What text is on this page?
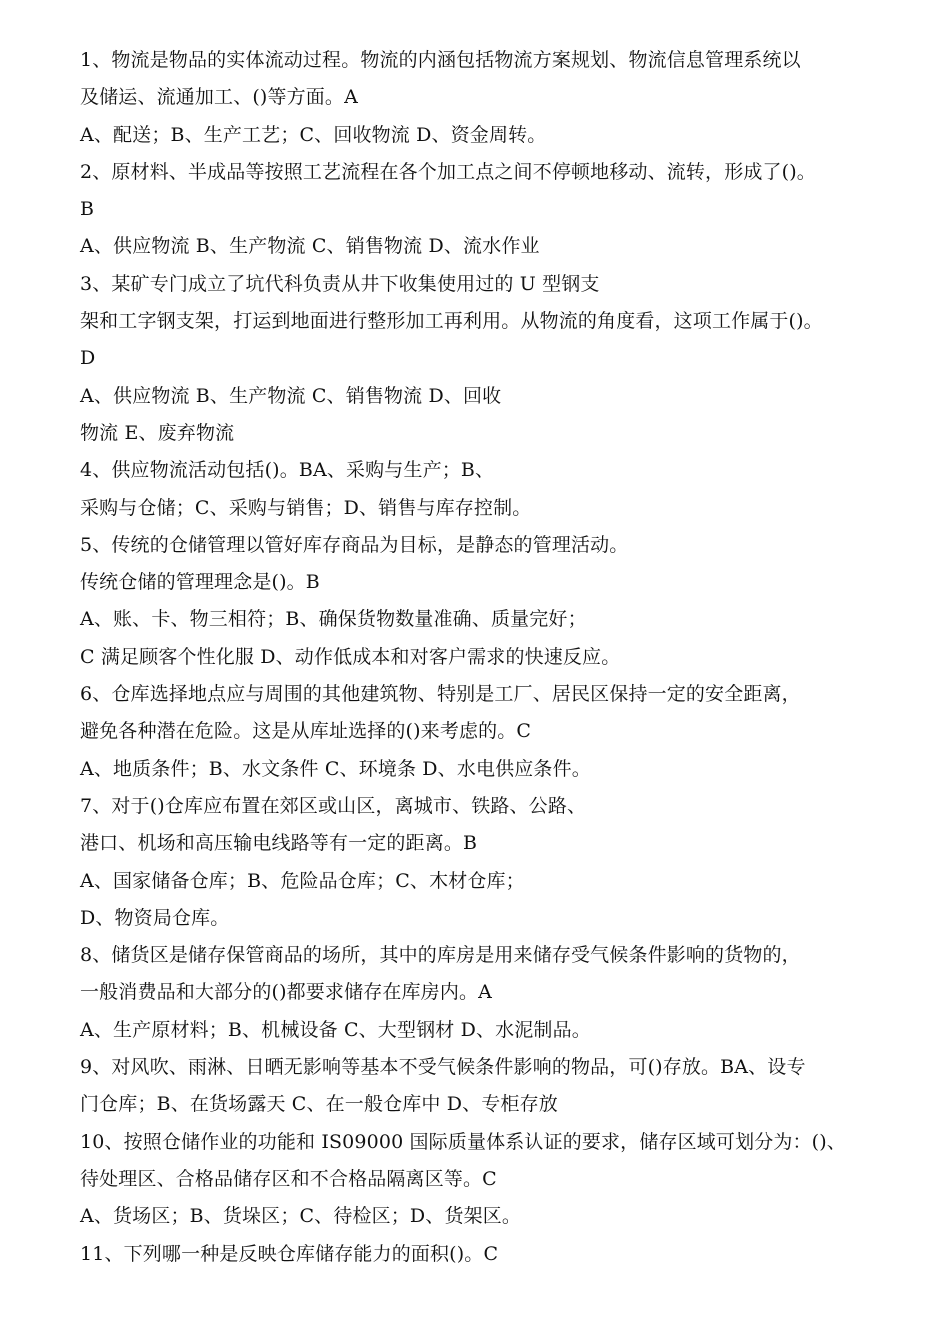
1、物流是物品的实体流动过程。物流的内涵包括物流方案规划、物流信息管理系统以
及储运、流通加工、()等方面。A
A、配送；B、生产工艺；C、回收物流 D、资金周转。
2、原材料、半成品等按照工艺流程在各个加工点之间不停顿地移动、流转，形成了()。
B
A、供应物流 B、生产物流 C、销售物流 D、流水作业
3、某矿专门成立了坑代科负责从井下收集使用过的 U 型钢支
架和工字钢支架，打运到地面进行整形加工再利用。从物流的角度看，这项工作属于()。
D
A、供应物流 B、生产物流 C、销售物流 D、回收
物流 E、废弃物流
4、供应物流活动包括()。BA、采购与生产；B、
采购与仓储；C、采购与销售；D、销售与库存控制。
5、传统的仓储管理以管好库存商品为目标，是静态的管理活动。
传统仓储的管理理念是()。B
A、账、卡、物三相符；B、确保货物数量准确、质量完好；
C 满足顾客个性化服 D、动作低成本和对客户需求的快速反应。
6、仓库选择地点应与周围的其他建筑物、特别是工厂、居民区保持一定的安全距离，
避免各种潜在危险。这是从库址选择的()来考虑的。C
A、地质条件；B、水文条件 C、环境条 D、水电供应条件。
7、对于()仓库应布置在郊区或山区，离城市、铁路、公路、
港口、机场和高压输电线路等有一定的距离。B
A、国家储备仓库；B、危险品仓库；C、木材仓库；
D、物资局仓库。
8、储货区是储存保管商品的场所，其中的库房是用来储存受气候条件影响的货物的，
一般消费品和大部分的()都要求储存在库房内。A
A、生产原材料；B、机械设备 C、大型钢材 D、水泥制品。
9、对风吹、雨淋、日晒无影响等基本不受气候条件影响的物品，可()存放。BA、设专
门仓库；B、在货场露天 C、在一般仓库中 D、专柜存放
10、按照仓储作业的功能和 IS09000 国际质量体系认证的要求，储存区域可划分为：()、
待处理区、合格品储存区和不合格品隔离区等。C
A、货场区；B、货垛区；C、待检区；D、货架区。
11、下列哪一种是反映仓库储存能力的面积()。C
